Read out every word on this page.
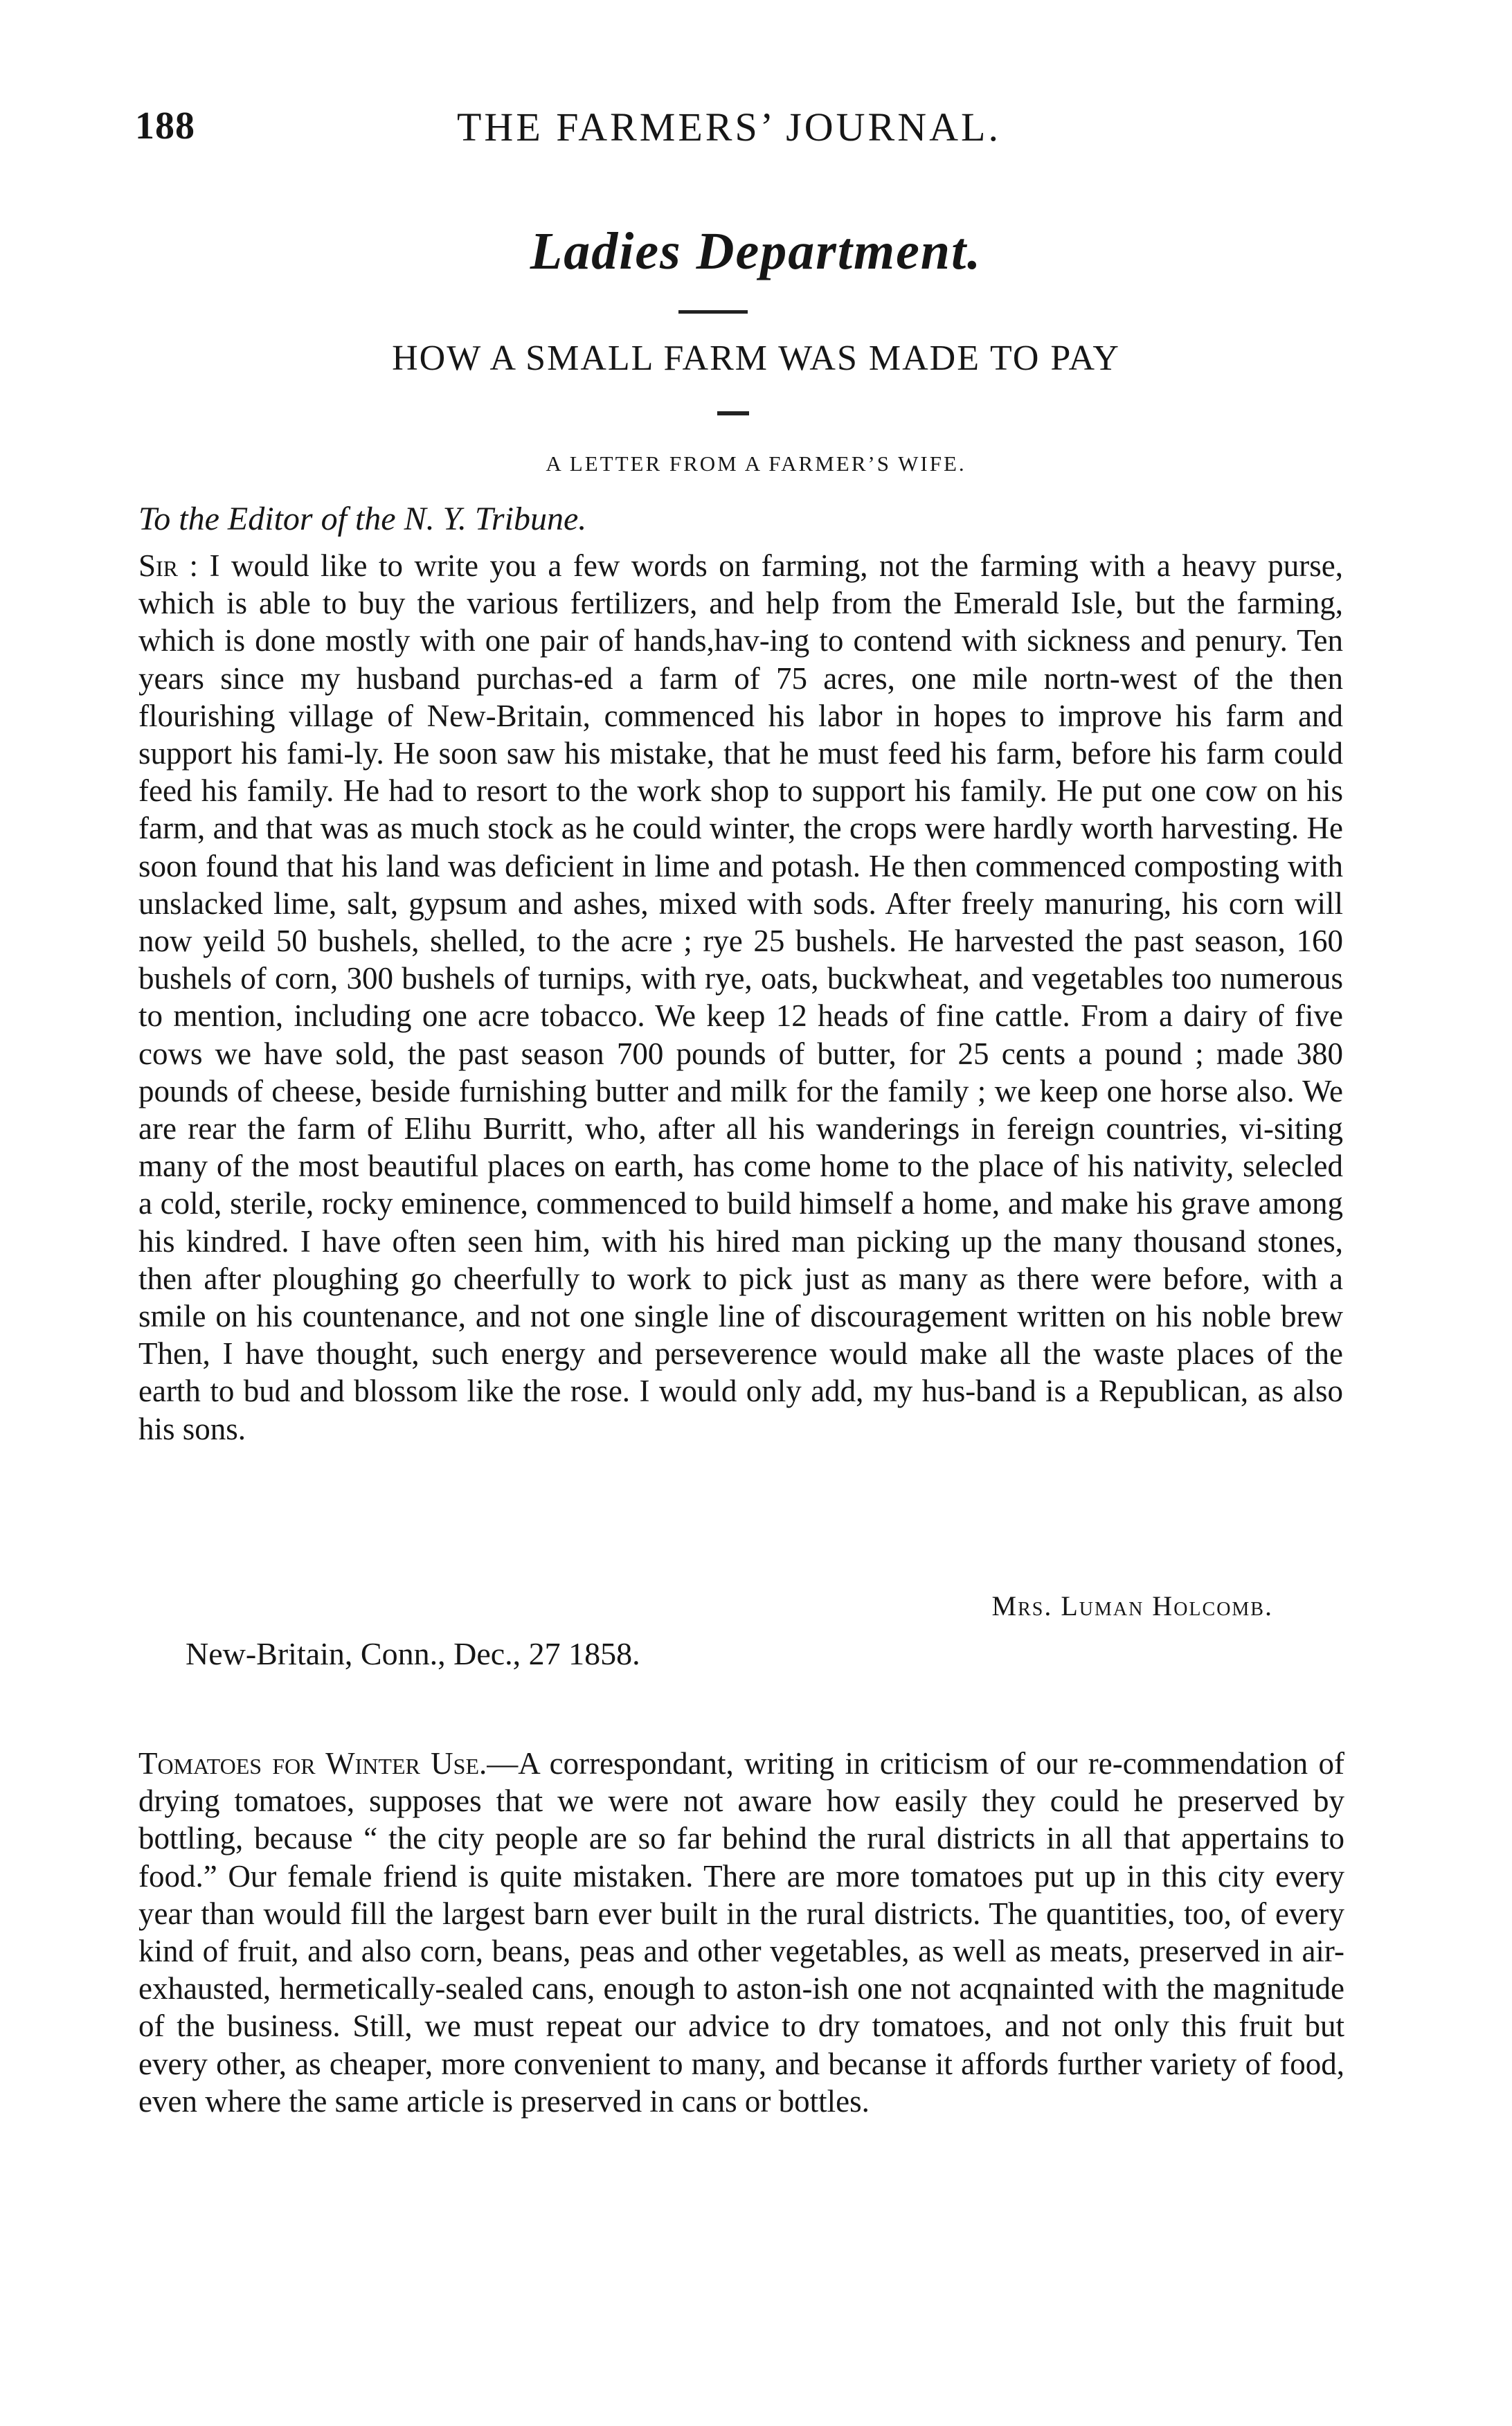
188	THE FARMERS’ JOURNAL.
Ladies Department.
HOW A SMALL FARM WAS MADE TO PAY
A LETTER FROM A FARMER’S WIFE.
To the Editor of the N. Y. Tribune.
Sir : I would like to write you a few words on farming, not the farming with a heavy purse, which is able to buy the various fertilizers, and help from the Emerald Isle, but the farming, which is done mostly with one pair of hands,hav-ing to contend with sickness and penury. Ten years since my husband purchas-ed a farm of 75 acres, one mile nortn-west of the then flourishing village of New-Britain, commenced his labor in hopes to improve his farm and support his fami-ly. He soon saw his mistake, that he must feed his farm, before his farm could feed his family. He had to resort to the work shop to support his family. He put one cow on his farm, and that was as much stock as he could winter, the crops were hardly worth harvesting. He soon found that his land was deficient in lime and potash. He then commenced composting with unslacked lime, salt, gypsum and ashes, mixed with sods. After freely manuring, his corn will now yeild 50 bushels, shelled, to the acre ; rye 25 bushels. He harvested the past season, 160 bushels of corn, 300 bushels of turnips, with rye, oats, buckwheat, and vegetables too numerous to mention, including one acre tobacco. We keep 12 heads of fine cattle. From a dairy of five cows we have sold, the past season 700 pounds of butter, for 25 cents a pound ; made 380 pounds of cheese, beside furnishing butter and milk for the family ; we keep one horse also. We are rear the farm of Elihu Burritt, who, after all his wanderings in fereign countries, vi-siting many of the most beautiful places on earth, has come home to the place of his nativity, selecled a cold, sterile, rocky eminence, commenced to build himself a home, and make his grave among his kindred. I have often seen him, with his hired man picking up the many thousand stones, then after ploughing go cheerfully to work to pick just as many as there were before, with a smile on his countenance, and not one single line of discouragement written on his noble brew Then, I have thought, such energy and perseverence would make all the waste places of the earth to bud and blossom like the rose. I would only add, my hus-band is a Republican, as also his sons.
Mrs. Luman Holcomb.
New-Britain, Conn., Dec., 27 1858.
Tomatoes for Winter Use.—A correspondant, writing in criticism of our re-commendation of drying tomatoes, supposes that we were not aware how easily they could he preserved by bottling, because “ the city people are so far behind the rural districts in all that appertains to food.” Our female friend is quite mistaken. There are more tomatoes put up in this city every year than would fill the largest barn ever built in the rural districts. The quantities, too, of every kind of fruit, and also corn, beans, peas and other vegetables, as well as meats, preserved in air-exhausted, hermetically-sealed cans, enough to aston-ish one not acqnainted with the magnitude of the business. Still, we must repeat our advice to dry tomatoes, and not only this fruit but every other, as cheaper, more convenient to many, and becanse it affords further variety of food, even where the same article is preserved in cans or bottles.
